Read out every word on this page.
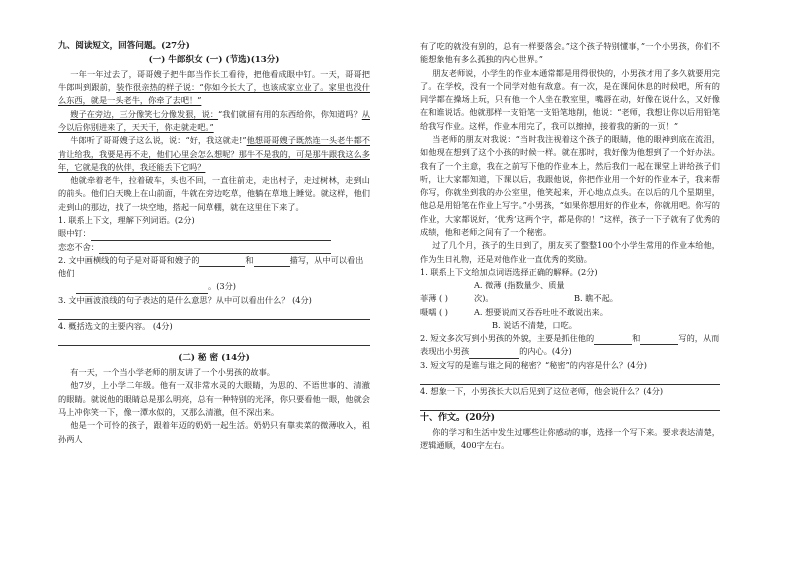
九、阅读短文，回答问题。(27分)
(一) 牛郎织女 (一) (节选)(13分)
一年一年过去了，哥哥嫂子把牛郎当作长工看待，把他看成眼中钉。一天，哥哥把牛郎叫到跟前，装作很亲热的样子说：“你如今长大了，也该成家立业了。家里也没什么东西，就是一头老牛，你牵了去吧！”
嫂子在旁边，三分像笑七分像发狠，说：“我们就留有用的东西给你，你知道吗？从今以后你别进来了，天天干，你走就走吧。”
牛郎听了哥哥嫂子这么说，说：“好，我这就走!”他想哥哥嫂子既然连一头老牛都不肯让给我，我要是再不走，他们心里会怎么想呢？那牛不是我的，可是那牛跟我这么多年，它就是我的伙伴，我还能丢下它吗？
他就牵着老牛，拉着破车，头也不回，一直往前走，走出村子，走过树林，走到山的前头。他们白天晚上在山前面，牛就在旁边吃草，他躺在草地上睡觉。就这样，他们走到山的那边，找了一块空地，搭起一间草棚，就在这里住下来了。
1. 联系上下文，理解下列词语。(2分)
眼中钉：
恋恋不舍：
2. 文中画横线的句子是对哥哥和嫂子的	和	描写，从中可以看出他们
。(3分)
3. 文中画波浪线的句子表达的是什么意思？从中可以看出什么？ (4分)
4. 概括选文的主要内容。 (4分)
(二) 秘 密 (14分)
有一天，一个当小学老师的朋友讲了一个小男孩的故事。
他7岁，上小学二年级。他有一双非常水灵的大眼睛，为思的、不语世事的、清澈的眼睛。就说他的眼睛总是那么明亮，总有一种特别的光泽，你只要看他一眼，他就会马上冲你笑一下，像一潭水似的，又那么清澈，但不深出来。
他是一个可怜的孩子，跟着年迈的奶奶一起生活。奶奶只有靠卖菜的微薄收入，祖孙两人
有了吃的就没有别的，总有一样要落会。”这个孩子特别懂事，”一个小男孩，你们不能想象他有多么孤独的内心世界。”
朋友老师说，小学生的作业本通常都是用得很快的，小男孩才用了多久就要用完了。在学校，没有一个同学对他有敌意。有一次，是在课间休息的时候吧，所有的同学都在操场上玩，只有他一个人坐在教室里，嘴唇在动，好像在说什么，又好像在和谁说话。他就那样一支铅笔一支铅笔地削，他说：“老师，我想让你以后用铅笔给我写作业。这样，作业本用完了，我可以擦掉，接着我的新的一页！”
当老师的朋友对我说：“当时我注视着这个孩子的眼睛，他的眼神到底在流泪，如他现在想到了这个小孩的时候一样。就在那时，我好像为他想到了一个好办法。我有了一个主意，我在之前写下他的作业本上，然后我们一起在课堂上讲给孩子们听，让大家都知道，下课以后，我跟他说，你把作业用一个好的作业本子，我来帮你写，你就坐到我的办公室里，他笑起来，开心地点点头。在以后的几个星期里，他总是用铅笔在作业上写字。”小男孩，“如果你想用好的作业本，你就用吧。你写的作业，大家都说好，‘优秀’这两个字，都是你的！”这样，孩子一下子就有了优秀的成绩，他和老师之间有了一个秘密。
过了几个月，孩子的生日到了，朋友买了整整100个小学生常用的作业本给他，作为生日礼物，还是对他作业一直优秀的奖励。
1. 联系上下文给加点词语选择正确的解释。(2分)
菲薄 ( )
A. 微薄 (指数量少、质量次)。	B. 瞧不起。
嗫嚅 ( )	A. 想要说而又吞吞吐吐不敢说出来。
B. 说话不清楚，口吃。
2. 短文多次写到小男孩的外貌，主要是抓住他的	和	写的，从而表现出小男孩	的内心。(4分)
3. 短文写的是谁与谁之间的秘密？“秘密”的内容是什么？(4分)
4. 想象一下，小男孩长大以后见到了这位老师，他会说什么？(4分)
十、作文。(20分)
你的学习和生活中发生过哪些让你感动的事，选择一个写下来。要求表达清楚，逻辑通顺，400字左右。
